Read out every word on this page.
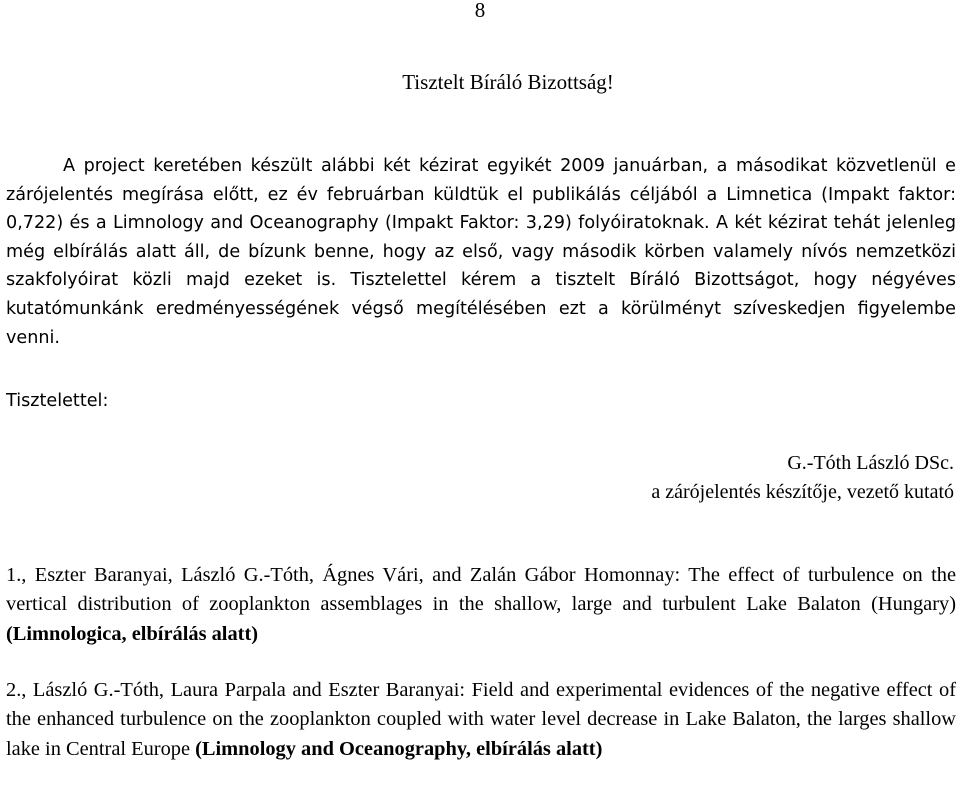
8
Tisztelt Bíráló Bizottság!

A project keretében készült alábbi két kézirat egyikét 2009 januárban, a másodikat közvetlenül e zárójelentés megírása előtt, ez év februárban küldtük el publikálás céljából a Limnetica (Impakt faktor: 0,722) és a Limnology and Oceanography (Impakt Faktor: 3,29) folyóiratoknak. A két kézirat tehát jelenleg még elbírálás alatt áll, de bízunk benne, hogy az első, vagy második körben valamely nívós nemzetközi szakfolyóirat közli majd ezeket is. Tisztelettel kérem a tisztelt Bíráló Bizottságot, hogy négyéves kutatómunkánk eredményességének végső megítélésében ezt a körülményt szíveskedjen figyelembe venni.

Tisztelettel:
G.-Tóth László DSc.
a zárójelentés készítője, vezető kutató

1., Eszter Baranyai, László G.-Tóth, Ágnes Vári, and Zalán Gábor Homonnay: The effect of turbulence on the vertical distribution of zooplankton assemblages in the shallow, large and turbulent Lake Balaton (Hungary) (Limnologica, elbírálás alatt)

2., László G.-Tóth, Laura Parpala and Eszter Baranyai: Field and experimental evidences of the negative effect of the enhanced turbulence on the zooplankton coupled with water level decrease in Lake Balaton, the larges shallow lake in Central Europe (Limnology and Oceanography, elbírálás alatt)
